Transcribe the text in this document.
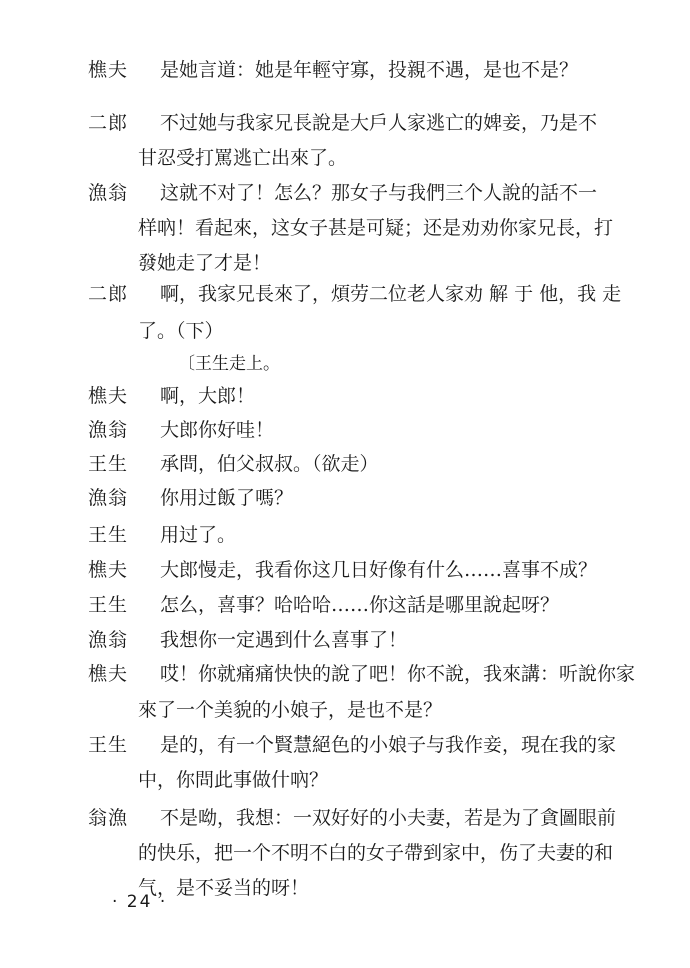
樵夫 是她言道：她是年輕守寡，投親不遇，是也不是？
二郎 不过她与我家兄長說是大戶人家逃亡的婢妾，乃是不
甘忍受打罵逃亡出來了。
漁翁 这就不对了！怎么？那女子与我們三个人說的話不一
样吶！看起來，这女子甚是可疑；还是劝劝你家兄長，打
發她走了才是！
二郎 啊，我家兄長來了，煩劳二位老人家劝 解 于 他，我 走
了。（下）
〔王生走上。
樵夫 啊，大郎！
漁翁 大郎你好哇！
王生 承問，伯父叔叔。（欲走）
漁翁 你用过飯了嗎？
王生 用过了。
樵夫 大郎慢走，我看你这几日好像有什么……喜事不成？
王生 怎么，喜事？哈哈哈……你这話是哪里說起呀？
漁翁 我想你一定遇到什么喜事了！
樵夫 哎！你就痛痛快快的說了吧！你不說，我來講：听說你家
來了一个美貌的小娘子，是也不是？
王生 是的，有一个賢慧絕色的小娘子与我作妾，現在我的家
中，你問此事做什吶？
翁漁 不是呦，我想：一双好好的小夫妻，若是为了貪圖眼前
的快乐，把一个不明不白的女子帶到家中，伤了夫妻的和
气，是不妥当的呀！
· 24 ·
